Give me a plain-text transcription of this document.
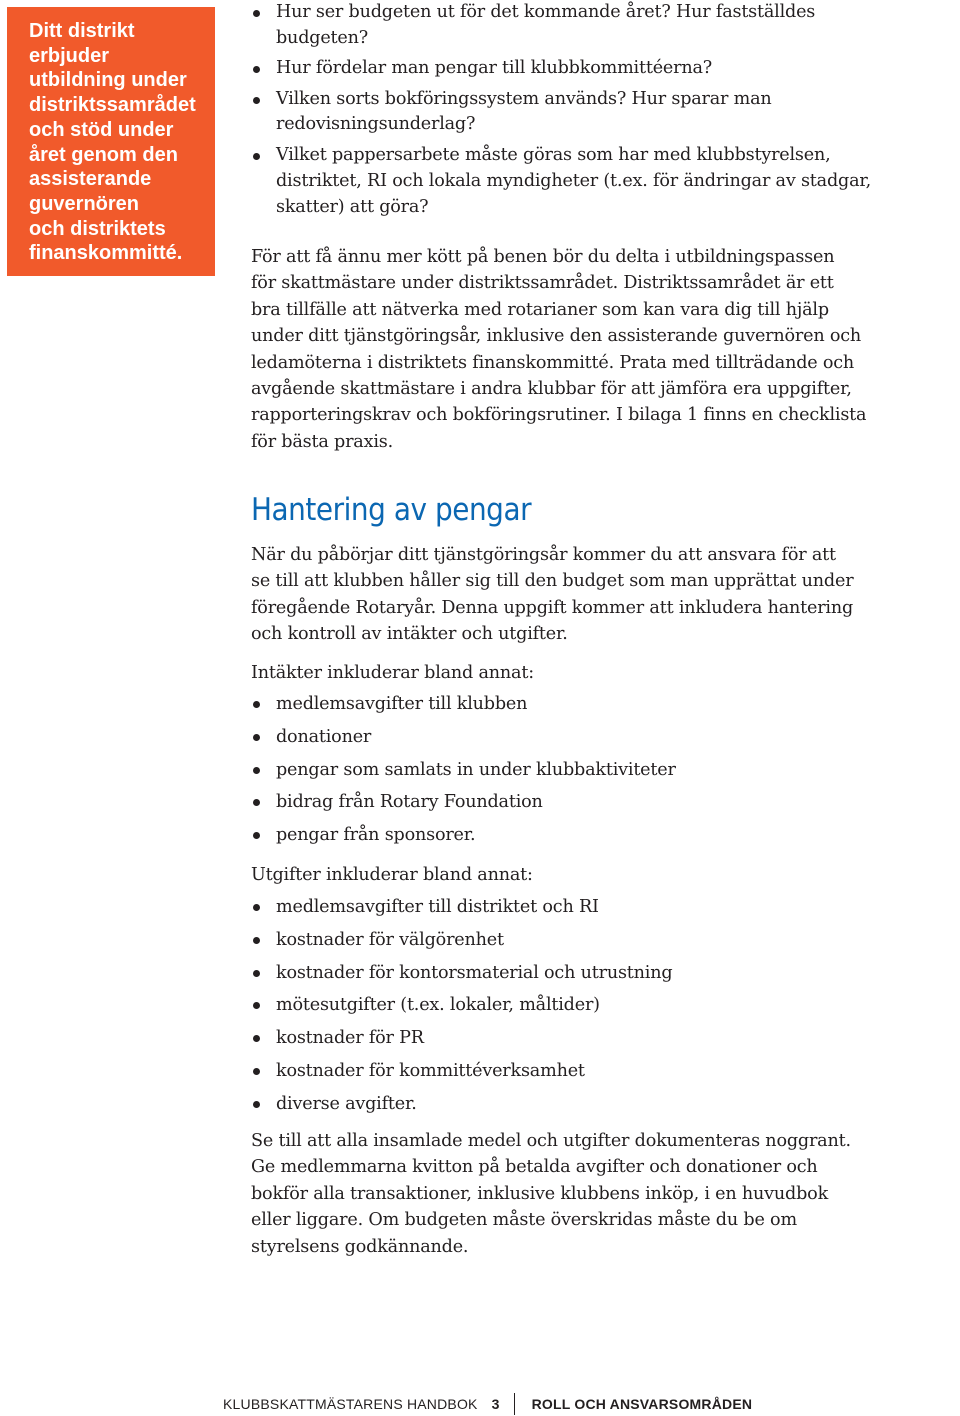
Ditt distrikt
erbjuder
utbildning under
distriktssamrådet
och stöd under
året genom den
assisterande
guvernören
och distriktets
finanskommitté.

Hur ser budgeten ut för det kommande året? Hur fastställdes
budgeten?
Hur fördelar man pengar till klubbkommittéerna?
Vilken sorts bokföringssystem används? Hur sparar man
redovisningsunderlag?
Vilket pappersarbete måste göras som har med klubbstyrelsen,
distriktet, RI och lokala myndigheter (t.ex. för ändringar av stadgar,
skatter) att göra?

För att få ännu mer kött på benen bör du delta i utbildningspassen
för skattmästare under distriktssamrådet. Distriktssamrådet är ett
bra tillfälle att nätverka med rotarianer som kan vara dig till hjälp
under ditt tjänstgöringsår, inklusive den assisterande guvernören och
ledamöterna i distriktets finanskommitté. Prata med tillträdande och
avgående skattmästare i andra klubbar för att jämföra era uppgifter,
rapporteringskrav och bokföringsrutiner. I bilaga 1 finns en checklista
för bästa praxis.

Hantering av pengar

När du påbörjar ditt tjänstgöringsår kommer du att ansvara för att
se till att klubben håller sig till den budget som man upprättat under
föregående Rotaryår. Denna uppgift kommer att inkludera hantering
och kontroll av intäkter och utgifter.

Intäkter inkluderar bland annat:

medlemsavgifter till klubben
donationer
pengar som samlats in under klubbaktiviteter
bidrag från Rotary Foundation
pengar från sponsorer.

Utgifter inkluderar bland annat:

medlemsavgifter till distriktet och RI
kostnader för välgörenhet
kostnader för kontorsmaterial och utrustning
mötesutgifter (t.ex. lokaler, måltider)
kostnader för PR
kostnader för kommittéverksamhet
diverse avgifter.

Se till att alla insamlade medel och utgifter dokumenteras noggrant.
Ge medlemmarna kvitton på betalda avgifter och donationer och
bokför alla transaktioner, inklusive klubbens inköp, i en huvudbok
eller liggare. Om budgeten måste överskridas måste du be om
styrelsens godkännande.

KLUBBSKATTMÄSTARENS HANDBOK 3 ROLL OCH ANSVARSOMRÅDEN
